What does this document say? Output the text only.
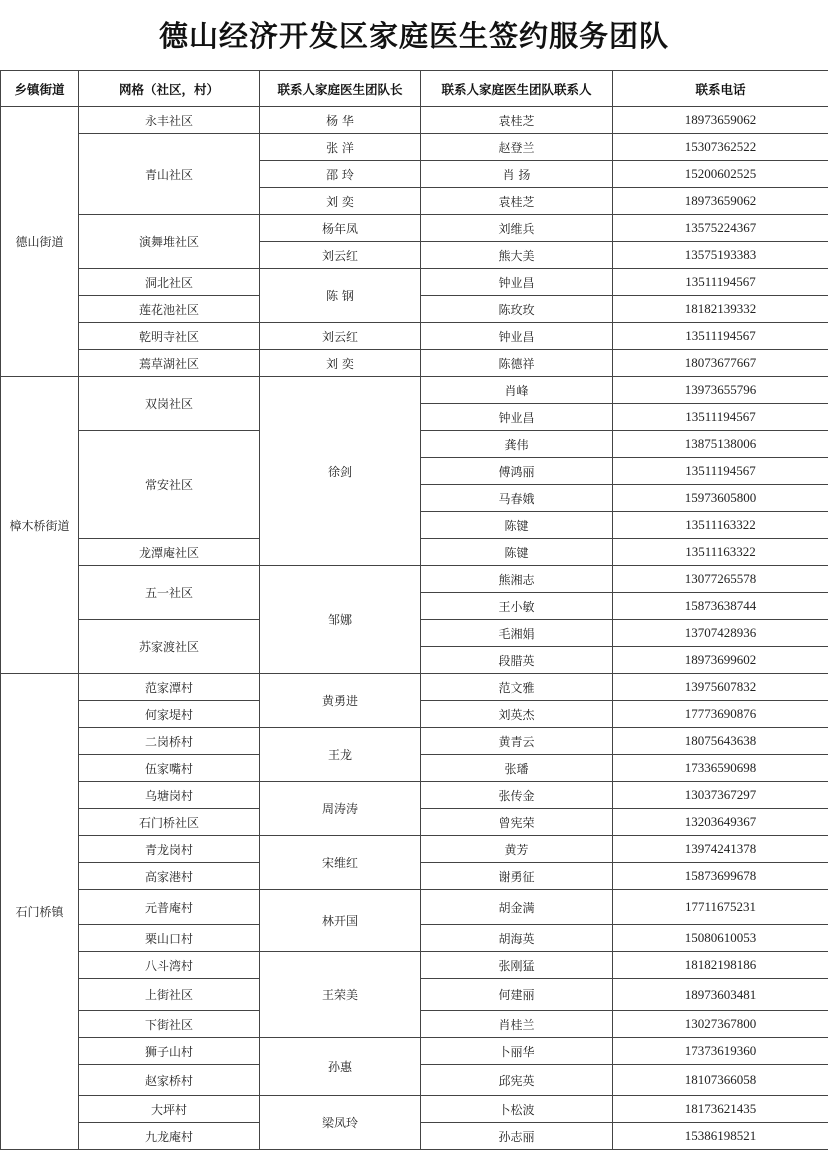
德山经济开发区家庭医生签约服务团队
乡镇街道	网格（社区，村）	联系人家庭医生团队长	联系人家庭医生团队联系人	联系电话
德山街道	永丰社区	杨 华	袁桂芝	18973659062
	青山社区	张 洋	赵登兰	15307362522
		邵 玲	肖 扬	15200602525
		刘 奕	袁桂芝	18973659062
	演舞堆社区	杨年凤	刘维兵	13575224367
		刘云红	熊大美	13575193383
	洞北社区	陈 钢	钟业昌	13511194567
	莲花池社区		陈玫玫	18182139332
	乾明寺社区	刘云红	钟业昌	13511194567
	蔫草湖社区	刘 奕	陈德祥	18073677667
樟木桥街道	双岗社区	徐剑	肖峰	13973655796
			钟业昌	13511194567
	常安社区		龚伟	13875138006
			傅鸿丽	13511194567
			马春娥	15973605800
			陈键	13511163322
	龙潭庵社区		陈键	13511163322
	五一社区	邹娜	熊湘志	13077265578
			王小敏	15873638744
	苏家渡社区		毛湘娟	13707428936
			段腊英	18973699602
石门桥镇	范家潭村	黄勇进	范文雅	13975607832
	何家堤村		刘英杰	17773690876
	二岗桥村	王龙	黄青云	18075643638
	伍家嘴村		张璠	17336590698
	乌塘岗村	周涛涛	张传金	13037367297
	石门桥社区		曾宪荣	13203649367
	青龙岗村	宋维红	黄芳	13974241378
	高家港村		谢勇征	15873699678
	元普庵村	林开国	胡金满	17711675231
	栗山口村		胡海英	15080610053
	八斗湾村	王荣美	张刚猛	18182198186
	上街社区		何建丽	18973603481
	下街社区		肖桂兰	13027367800
	狮子山村	孙惠	卜丽华	17373619360
	赵家桥村		邱宪英	18107366058
	大坪村	梁凤玲	卜松波	18173621435
	九龙庵村		孙志丽	15386198521
